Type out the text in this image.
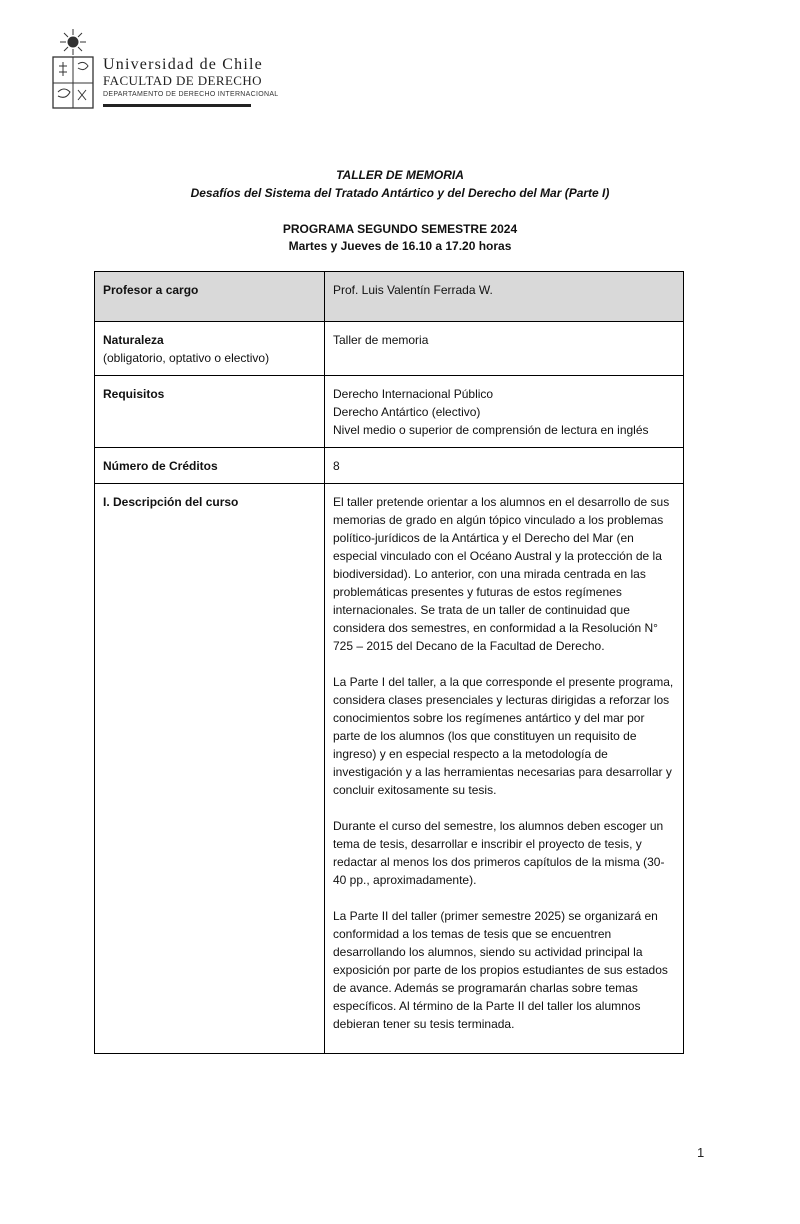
Universidad de Chile
FACULTAD DE DERECHO
DEPARTAMENTO DE DERECHO INTERNACIONAL
TALLER DE MEMORIA
Desafíos del Sistema del Tratado Antártico y del Derecho del Mar (Parte I)
PROGRAMA SEGUNDO SEMESTRE 2024
Martes y Jueves de 16.10 a 17.20 horas
Profesor a cargo	Prof. Luis Valentín Ferrada W.
Naturaleza
(obligatorio, optativo o electivo)	Taller de memoria
Requisitos	Derecho Internacional Público

Derecho Antártico (electivo)

Nivel medio o superior de comprensión de lectura en inglés

Número de Créditos	8
I. Descripción del curso	El taller pretende orientar a los alumnos en el desarrollo de sus memorias de grado en algún tópico vinculado a los problemas político-jurídicos de la Antártica y el Derecho del Mar (en especial vinculado con el Océano Austral y la protección de la biodiversidad). Lo anterior, con una mirada centrada en las problemáticas presentes y futuras de estos regímenes internacionales. Se trata de un taller de continuidad que considera dos semestres, en conformidad a la Resolución N° 725 – 2015 del Decano de la Facultad de Derecho.

La Parte I del taller, a la que corresponde el presente programa, considera clases presenciales y lecturas dirigidas a reforzar los conocimientos sobre los regímenes antártico y del mar por parte de los alumnos (los que constituyen un requisito de ingreso) y en especial respecto a la metodología de investigación y a las herramientas necesarias para desarrollar y concluir exitosamente su tesis.

Durante el curso del semestre, los alumnos deben escoger un tema de tesis, desarrollar e inscribir el proyecto de tesis, y redactar al menos los dos primeros capítulos de la misma (30-40 pp., aproximadamente).

La Parte II del taller (primer semestre 2025) se organizará en conformidad a los temas de tesis que se encuentren desarrollando los alumnos, siendo su actividad principal la exposición por parte de los propios estudiantes de sus estados de avance. Además se programarán charlas sobre temas específicos. Al término de la Parte II del taller los alumnos debieran tener su tesis terminada.

1
